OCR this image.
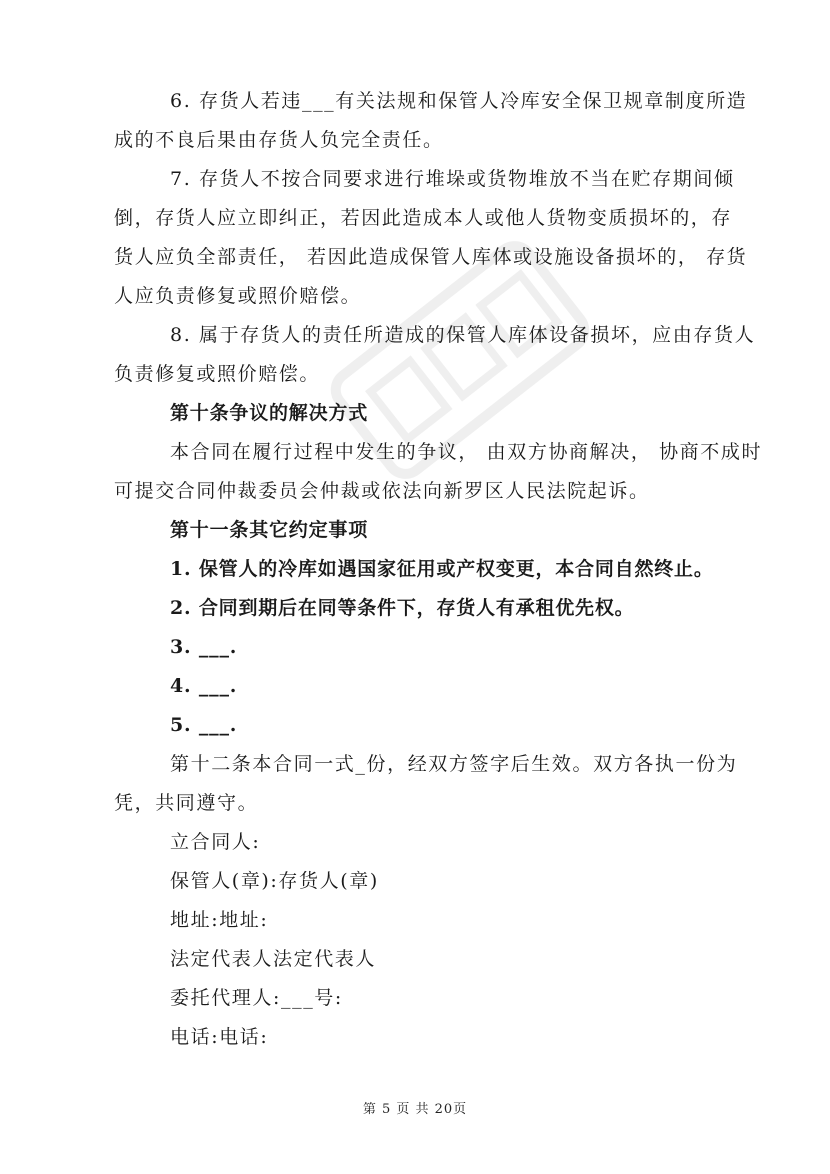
6. 存货人若违___有关法规和保管人冷库安全保卫规章制度所造
成的不良后果由存货人负完全责任。
7. 存货人不按合同要求进行堆垛或货物堆放不当在贮存期间倾
倒，存货人应立即纠正，若因此造成本人或他人货物变质损坏的，存
货人应负全部责任， 若因此造成保管人库体或设施设备损坏的， 存货
人应负责修复或照价赔偿。
8. 属于存货人的责任所造成的保管人库体设备损坏，应由存货人
负责修复或照价赔偿。
第十条争议的解决方式
本合同在履行过程中发生的争议， 由双方协商解决， 协商不成时
可提交合同仲裁委员会仲裁或依法向新罗区人民法院起诉。
第十一条其它约定事项
1. 保管人的冷库如遇国家征用或产权变更，本合同自然终止。
2. 合同到期后在同等条件下，存货人有承租优先权。
3. ___.
4. ___.
5. ___.
第十二条本合同一式_份，经双方签字后生效。双方各执一份为
凭，共同遵守。
立合同人:
保管人(章):存货人(章)
地址:地址:
法定代表人法定代表人
委托代理人:___号:
电话:电话:
第 5 页 共 20页
